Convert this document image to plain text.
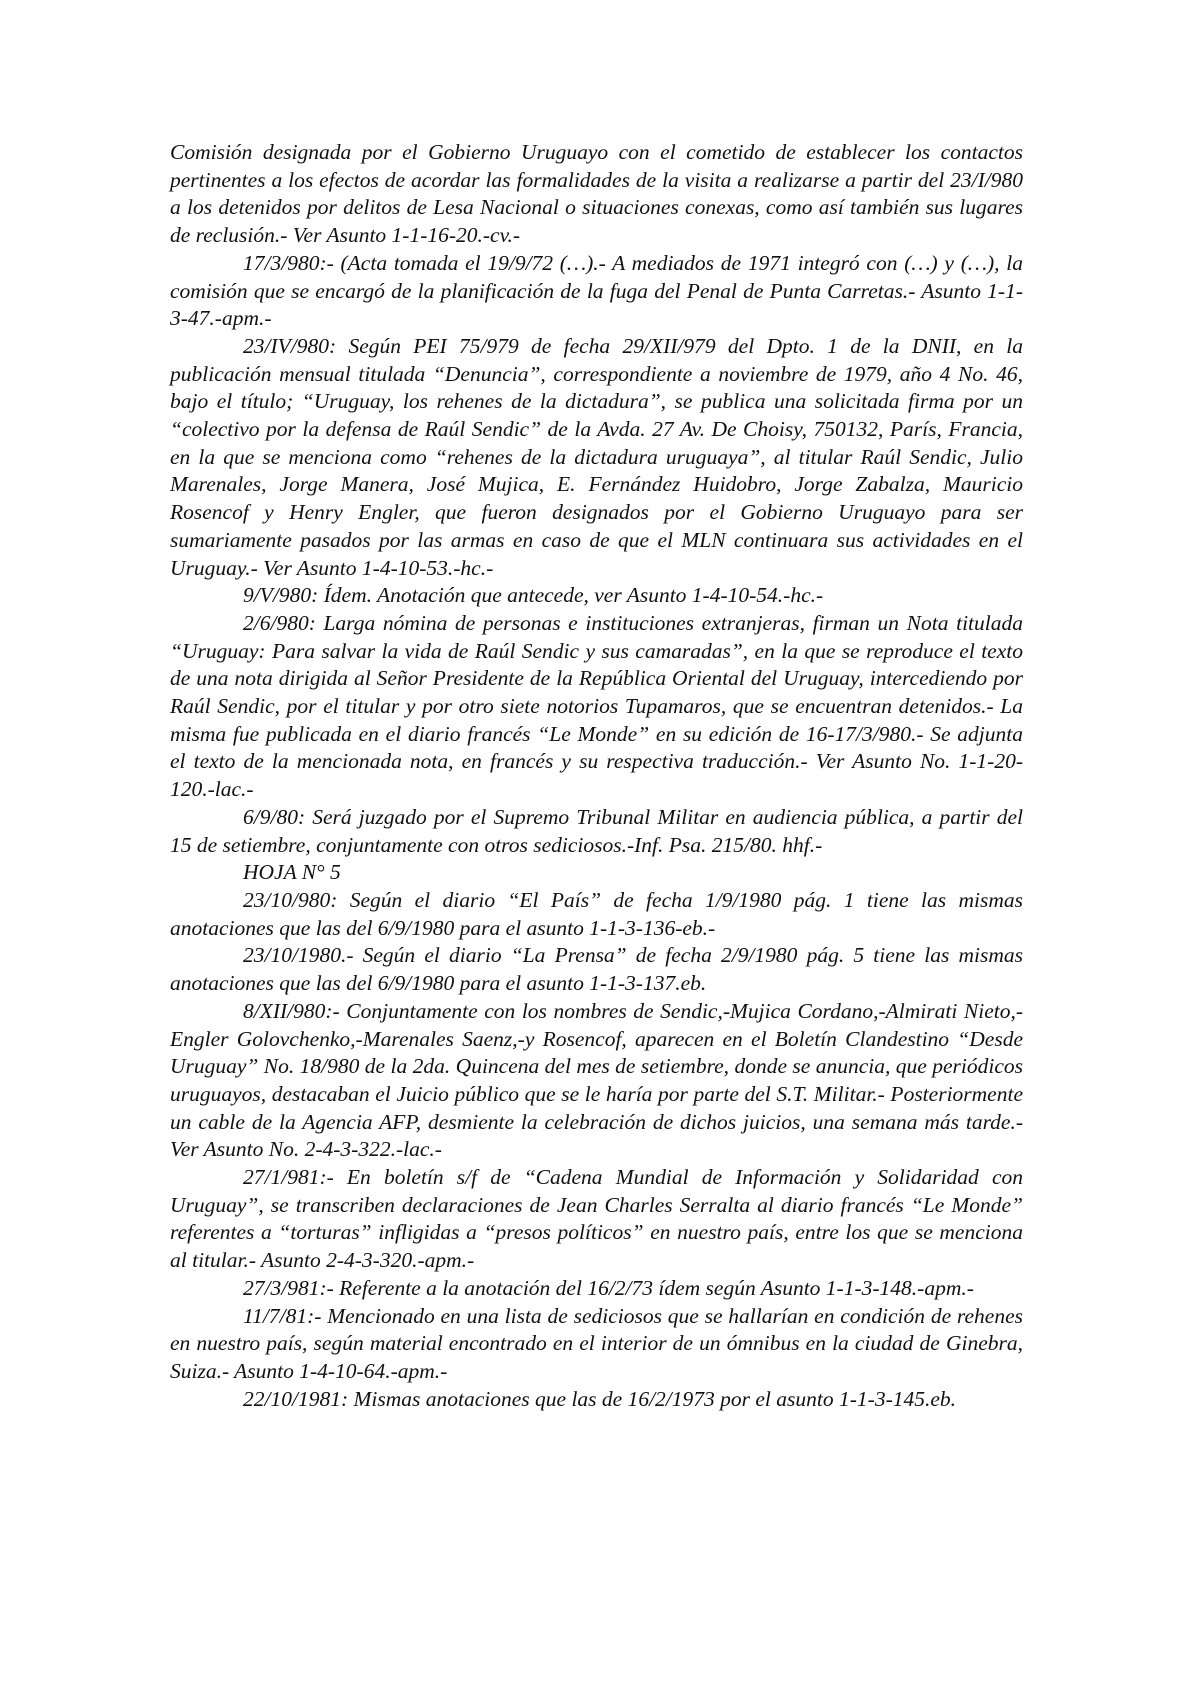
Comisión designada por el Gobierno Uruguayo con el cometido de establecer los contactos pertinentes a los efectos de acordar las formalidades de la visita a realizarse a partir del 23/I/980 a los detenidos por delitos de Lesa Nacional o situaciones conexas, como así también sus lugares de reclusión.- Ver Asunto 1-1-16-20.-cv.-

17/3/980:- (Acta tomada el 19/9/72 (…).- A mediados de 1971 integró con (…) y (…), la comisión que se encargó de la planificación de la fuga del Penal de Punta Carretas.- Asunto 1-1-3-47.-apm.-

23/IV/980: Según PEI 75/979 de fecha 29/XII/979 del Dpto. 1 de la DNII, en la publicación mensual titulada “Denuncia”, correspondiente a noviembre de 1979, año 4 No. 46, bajo el título; “Uruguay, los rehenes de la dictadura”, se publica una solicitada firma por un “colectivo por la defensa de Raúl Sendic” de la Avda. 27 Av. De Choisy, 750132, París, Francia, en la que se menciona como “rehenes de la dictadura uruguaya”, al titular Raúl Sendic, Julio Marenales, Jorge Manera, José Mujica, E. Fernández Huidobro, Jorge Zabalza, Mauricio Rosencof y Henry Engler, que fueron designados por el Gobierno Uruguayo para ser sumariamente pasados por las armas en caso de que el MLN continuara sus actividades en el Uruguay.- Ver Asunto 1-4-10-53.-hc.-

9/V/980: Ídem. Anotación que antecede, ver Asunto 1-4-10-54.-hc.-

2/6/980: Larga nómina de personas e instituciones extranjeras, firman un Nota titulada “Uruguay: Para salvar la vida de Raúl Sendic y sus camaradas”, en la que se reproduce el texto de una nota dirigida al Señor Presidente de la República Oriental del Uruguay, intercediendo por Raúl Sendic, por el titular y por otro siete notorios Tupamaros, que se encuentran detenidos.- La misma fue publicada en el diario francés “Le Monde” en su edición de 16-17/3/980.- Se adjunta el texto de la mencionada nota, en francés y su respectiva traducción.- Ver Asunto No. 1-1-20-120.-lac.-

6/9/80: Será juzgado por el Supremo Tribunal Militar en audiencia pública, a partir del 15 de setiembre, conjuntamente con otros sediciosos.-Inf. Psa. 215/80. hhf.-

HOJA N° 5

23/10/980: Según el diario “El País” de fecha 1/9/1980 pág. 1 tiene las mismas anotaciones que las del 6/9/1980 para el asunto 1-1-3-136-eb.-

23/10/1980.- Según el diario “La Prensa” de fecha 2/9/1980 pág. 5 tiene las mismas anotaciones que las del 6/9/1980 para el asunto 1-1-3-137.eb.

8/XII/980:- Conjuntamente con los nombres de Sendic,-Mujica Cordano,-Almirati Nieto,-Engler Golovchenko,-Marenales Saenz,-y Rosencof, aparecen en el Boletín Clandestino “Desde Uruguay” No. 18/980 de la 2da. Quincena del mes de setiembre, donde se anuncia, que periódicos uruguayos, destacaban el Juicio público que se le haría por parte del S.T. Militar.- Posteriormente un cable de la Agencia AFP, desmiente la celebración de dichos juicios, una semana más tarde.- Ver Asunto No. 2-4-3-322.-lac.-

27/1/981:- En boletín s/f de “Cadena Mundial de Información y Solidaridad con Uruguay”, se transcriben declaraciones de Jean Charles Serralta al diario francés “Le Monde” referentes a “torturas” infligidas a “presos políticos” en nuestro país, entre los que se menciona al titular.- Asunto 2-4-3-320.-apm.-

27/3/981:- Referente a la anotación del 16/2/73 ídem según Asunto 1-1-3-148.-apm.-

11/7/81:- Mencionado en una lista de sediciosos que se hallarían en condición de rehenes en nuestro país, según material encontrado en el interior de un ómnibus en la ciudad de Ginebra, Suiza.- Asunto 1-4-10-64.-apm.-

22/10/1981: Mismas anotaciones que las de 16/2/1973 por el asunto 1-1-3-145.eb.
